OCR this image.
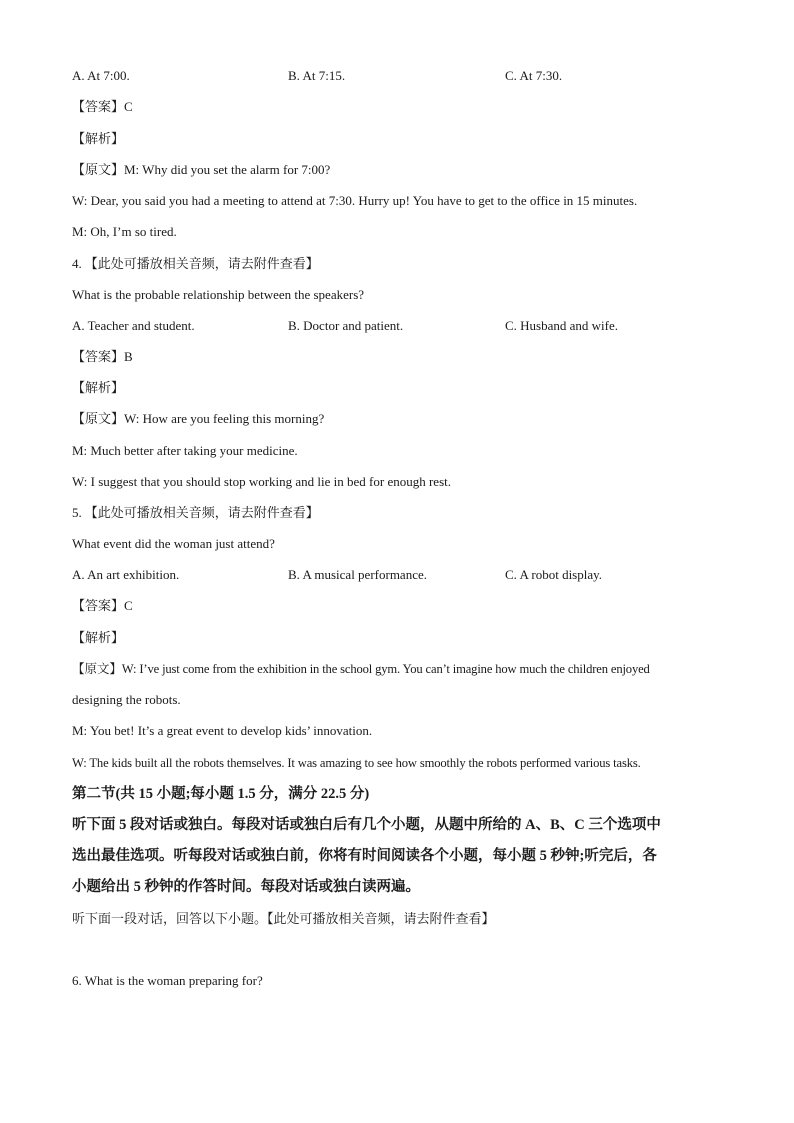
A. At 7:00.	B. At 7:15.	C. At 7:30.
【答案】C
【解析】
【原文】M: Why did you set the alarm for 7:00?
W: Dear, you said you had a meeting to attend at 7:30. Hurry up! You have to get to the office in 15 minutes.
M: Oh, I’m so tired.
4. 【此处可播放相关音频，请去附件查看】
What is the probable relationship between the speakers?
A. Teacher and student.	B. Doctor and patient.	C. Husband and wife.
【答案】B
【解析】
【原文】W: How are you feeling this morning?
M: Much better after taking your medicine.
W: I suggest that you should stop working and lie in bed for enough rest.
5. 【此处可播放相关音频，请去附件查看】
What event did the woman just attend?
A. An art exhibition.	B. A musical performance.	C. A robot display.
【答案】C
【解析】
【原文】W: I’ve just come from the exhibition in the school gym. You can’t imagine how much the children enjoyed
designing the robots.
M: You bet! It’s a great event to develop kids’ innovation.
W: The kids built all the robots themselves. It was amazing to see how smoothly the robots performed various tasks.
第二节(共 15 小题;每小题 1.5 分，满分 22.5 分)
听下面 5 段对话或独白。每段对话或独白后有几个小题，从题中所给的 A、B、C 三个选项中
选出最佳选项。听每段对话或独白前，你将有时间阅读各个小题，每小题 5 秒钟;听完后，各
小题给出 5 秒钟的作答时间。每段对话或独白读两遍。
听下面一段对话，回答以下小题。【此处可播放相关音频，请去附件查看】
6. What is the woman preparing for?
